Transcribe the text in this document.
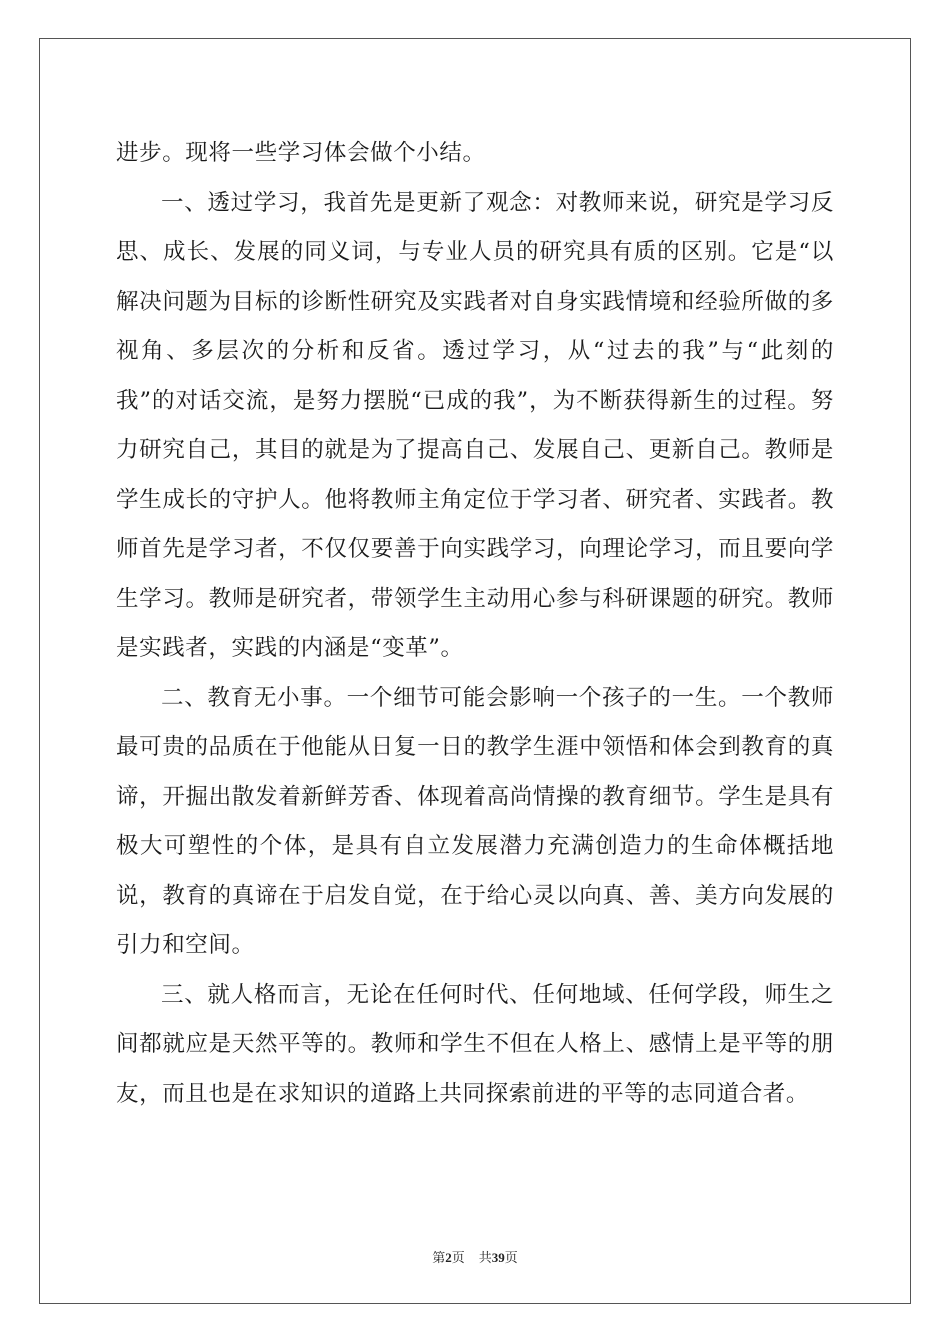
进步。现将一些学习体会做个小结。

一、透过学习，我首先是更新了观念：对教师来说，研究是学习反思、成长、发展的同义词，与专业人员的研究具有质的区别。它是“以解决问题为目标的诊断性研究及实践者对自身实践情境和经验所做的多视角、多层次的分析和反省。透过学习，从“过去的我”与“此刻的我”的对话交流，是努力摆脱“已成的我”，为不断获得新生的过程。努力研究自己，其目的就是为了提高自己、发展自己、更新自己。教师是学生成长的守护人。他将教师主角定位于学习者、研究者、实践者。教师首先是学习者，不仅仅要善于向实践学习，向理论学习，而且要向学生学习。教师是研究者，带领学生主动用心参与科研课题的研究。教师是实践者，实践的内涵是“变革”。

二、教育无小事。一个细节可能会影响一个孩子的一生。一个教师最可贵的品质在于他能从日复一日的教学生涯中领悟和体会到教育的真谛，开掘出散发着新鲜芳香、体现着高尚情操的教育细节。学生是具有极大可塑性的个体，是具有自立发展潜力充满创造力的生命体概括地说，教育的真谛在于启发自觉，在于给心灵以向真、善、美方向发展的引力和空间。

三、就人格而言，无论在任何时代、任何地域、任何学段，师生之间都就应是天然平等的。教师和学生不但在人格上、感情上是平等的朋友，而且也是在求知识的道路上共同探索前进的平等的志同道合者。

第2页 共39页
